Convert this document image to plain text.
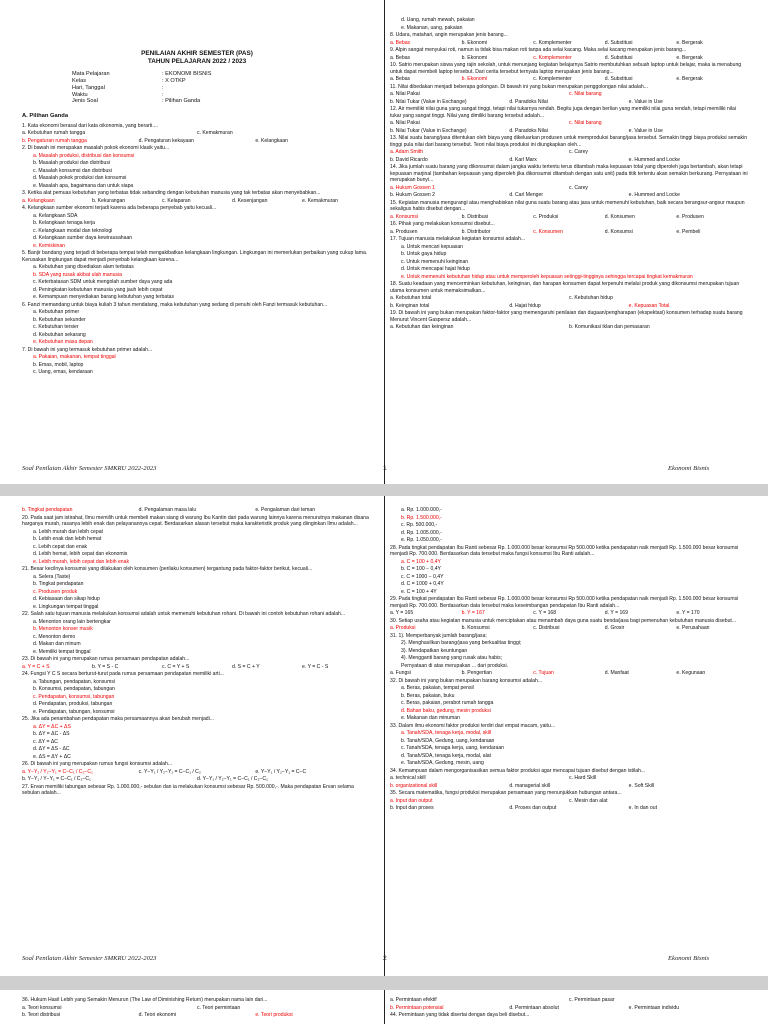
PENILAIAN AKHIR SEMESTER (PAS)
TAHUN PELAJARAN 2022 / 2023
Mata Pelajaran	: EKONOMI BISNIS
Kelas	: X OTKP
Hari, Tanggal	:
Waktu	:
Jenis Soal	: Pilihan Ganda
A. Pilihan Ganda
1. Kata ekonomi berasal dari kata oikonomia, yang berarti....
a. Kebutuhan rumah tangga	c. Kemakmuran
b. Pengaturan rumah tangga	d. Pengaturan kekayaan	e. Kelangkaan
2. Di bawah ini merupakan masalah pokok ekonomi klasik yaitu...
a. Masalah produksi, distribusi dan konsumsi
b. Masalah produksi dan distribusi
c. Masalah konsumsi dan distribusi
d. Masalah pokok produksi dan konsumsi
e. Masalah apa, bagaimana dan untuk siapa
3. Ketika alat pemuas kebutuhan yang terbatas tidak sebanding dengan kebutuhan manusia yang tak terbatas akan menyebabkan...
a. Kelangkaan	b. Kekurangan	c. Kelaparan	d. Kesenjangan	e. Kemakmuran
4. Kelangkaan sumber ekonomi terjadi karena ada beberapa penyebab yaitu kecuali...
a. Kelangkaan SDA
b. Kelangkaan tenaga kerja
c. Kelangkaan modal dan teknologi
d. Kelangkaan sumber daya kewirausahaan
e. Kemiskinan
5. Banjir bandang yang terjadi di beberapa tempat telah mengakibatkan kelangkaan lingkungan. Lingkungan ini memerlukan perbaikan yang cukup lama. Kerusakan lingkungan dapat menjadi penyebab kelangkaan karena...
a. Kebutuhan yang disediakan alam terbatas
b. SDA yang rusak akibat ulah manusia
c. Keterbatasan SDM untuk mengolah sumber daya yang ada
d. Peningkatan kebutuhan manusia yang jauh lebih cepat
e. Kemampuan menyediakan barang kebutuhan yang terbatas
6. Fanzi memandang untuk biaya kuliah 3 tahun mendatang, maka kebutuhan yang sedang di penuhi oleh Fanzi termasuk kebutuhan...
a. Kebutuhan primer
b. Kebutuhan sekunder
c. Kebutuhan tersier
d. Kebutuhan sekarang
e. Kebutuhan masa depan
7. Di bawah ini yang termasuk kebutuhan primer adalah...
a. Pakaian, makanan, tempat tinggal
b. Emas, mobil, laptop
c. Uang, emas, kendaraan
d. Uang, rumah mewah, pakaian
e. Makanan, uang, pakaian
8. Udara, matahari, angin merupakan jenis barang...
a. Bebas	b. Ekonomi	c. Komplementer	d. Substitusi	e. Bergerak
9. Alpin sangat menyukai roti, namun ia tidak bisa makan roti tanpa ada selai kacang. Maka selai kacang merupakan jenis barang...
a. Bebas	b. Ekonomi	c. Komplementer	d. Substitusi	e. Bergerak
10. Satrio merupakan siswa yang rajin sekolah, untuk menunjang kegiatan belajarnya Satrio membutuhkan sebuah laptop untuk belajar, maka ia menabung untuk dapat membeli laptop tersebut. Dari cerita tersebut ternyata laptop merupakan jenis barang...
a. Bebas	b. Ekonomi	c. Komplementer	d. Substitusi	e. Bergerak
11. Nilai dibedakan menjadi beberapa golongan. Di bawah ini yang bukan merupakan penggolongan nilai adalah...
a. Nilai Pakai	c. Nilai barang
b. Nilai Tukar (Value in Exchange)	d. Paradoks Nilai	e. Value in Use
12. Air memiliki nilai guna yang sangat tinggi, tetapi nilai tukarnya rendah. Begitu juga dengan berlian yang memiliki nilai guna rendah, tetapi memiliki nilai tukar yang sangat tinggi. Nilai yang dimiliki barang tersebut adalah...
a. Nilai Pakai	c. Nilai barang
b. Nilai Tukar (Value in Exchange)	d. Paradoks Nilai	e. Value in Use
13. Nilai suatu barang/jasa ditentukan oleh biaya yang dikeluarkan produsen untuk memproduksi barang/jasa tersebut. Semakin tinggi biaya produksi semakin tinggi pula nilai dari barang tersebut. Teori nilai biaya produksi ini diungkapkan oleh...
a. Adam Smith	c. Carey
b. David Ricardo	d. Karl Marx	e. Hummed and Locke
14. Jika jumlah suatu barang yang dikonsumsi dalam jangka waktu tertentu terus ditambah maka kepuasan total yang diperoleh juga bertambah, akan tetapi kepuasan marjinal (tambahan kepuasan yang diperoleh jika dikonsumsi ditambah dengan satu unit) pada titik tertentu akan semakin berkurang. Pernyataan ini merupakan bunyi...
a. Hukum Gossen 1	c. Carey
b. Hukum Gossen 2	d. Carl Menger	e. Hummed and Locke
15. Kegiatan manusia mengurangi atau menghabiskan nilai guna suatu barang atau jasa untuk memenuhi kebutuhan, baik secara berangsur-angsur maupun sekaligus habis disebut dengan...
a. Konsumsi	b. Distribusi	c. Produksi	d. Konsumen	e. Produsen
16. Pihak yang melakukan konsumsi disebut...
a. Produsen	b. Distributor	c. Konsumen	d. Konsumsi	e. Pembeli
17. Tujuan manusia melakukan kegiatan konsumsi adalah...
a. Untuk mencari kepuasan
b. Untuk gaya hidup
c. Untuk memenuhi keinginan
d. Untuk mencapai hajat hidup
e. Untuk memenuhi kebutuhan hidup atau untuk memperoleh kepuasan setinggi-tingginya sehingga tercapai tingkat kemakmuran
18. Suatu keadaan yang mencerminkan kebutuhan, keinginan, dan harapan konsumen dapat terpenuhi melalui produk yang dikonsumsi merupakan tujuan utama konsumen untuk memaksimalkan...
a. Kebutuhan total	c. Kebutuhan hidup
b. Keinginan total	d. Hajat hidup	e. Kepuasan Total
19. Di bawah ini yang bukan merupakan faktor-faktor yang memengaruhi penilaian dan dugaan/pengharapan (ekspektasi) konsumen terhadap suatu barang Menurut Vincent Gaspersz adalah...
a. Kebutuhan dan keinginan	b. Komunikasi iklan dan pemasaran
Soal Penilaian Akhir Semester SMKRU 2022-2023	1	Ekonomi Bisnis
b. Tingkat pendapatan	d. Pengalaman masa lalu	e. Pengalaman dari teman
20. Pada saat jam istirahat, Ilmu memilih untuk membeli makan siang di warung Ibu Kantin dari pada warung lainnya karena menurutnya makanan disana harganya murah, rasanya lebih enak dan pelayanannya cepat. Berdasarkan alasan tersebut maka karakteristik produk yang diinginkan Ilmu adalah...
a. Lebih murah dan lebih cepat
b. Lebih enak dan lebih hemat
c. Lebih cepat dan enak
d. Lebih hemat, lebih cepat dan ekonomis
e. Lebih murah, lebih cepat dan lebih enak
21. Besar kecilnya konsumsi yang dilakukan oleh konsumen (perilaku konsumen) tergantung pada faktor-faktor berikut, kecuali...
a. Selera (Taste)
b. Tingkat pendapatan
c. Produsen produk
d. Kebiasaan dan sikap hidup
e. Lingkungan tempat tinggal
22. Salah satu tujuan manusia melakukan konsumsi adalah untuk memenuhi kebutuhan rohani. Di bawah ini contoh kebutuhan rohani adalah...
a. Menonton orang lain bertengkar
b. Menonton konser musik
c. Menonton demo
d. Makan dan minum
e. Memiliki tempat tinggal
23. Di bawah ini yang merupakan rumus persamaan pendapatan adalah...
a. Y = C + S	b. Y = S - C	c. C = Y + S	d. S = C + Y	e. Y = C - S
24. Fungsi Y C S secara berturut-turut pada rumus persamaan pendapatan memiliki arti...
a. Tabungan, pendapatan, konsumsi
b. Konsumsi, pendapatan, tabungan
c. Pendapatan, konsumsi, tabungan
d. Pendapatan, produksi, tabungan
e. Pendapatan, tabungan, konsumsi
25. Jika ada penambahan pendapatan maka persamaannya akan berubah menjadi...
a. ΔY = ΔC + ΔS
b. ΔY = ΔC - ΔS
c. ΔY = ΔC
d. ΔY = ΔS - ΔC
e. ΔS = ΔY + ΔC
26. Di bawah ini yang merupakan rumus fungsi konsumsi adalah...
a. Y−Y₁ / Y₂−Y₁ = C−C₁ / C₂−C₁	c. Y−Y₁ / Y₂−Y₁ = C−C₁ / C₂	e. Y−Y₁ / Y₂−Y₁ = C−C
b. Y−Y₁ / Y−Y₁ = C−C₁ / C₂−C₁	d. Y−Y₁ / Y₂−Y₁ = C−C₁ / C₂−C₁
27. Ervan memiliki tabungan sebesar Rp. 1.000.000,- sebulan dan ia melakukan konsumsi sebesar Rp. 500.000,-. Maka pendapatan Ervan selama sebulan adalah...
a. Rp. 1.000.000,-
b. Rp. 1.500.000,-
c. Rp. 500.000,-
d. Rp. 1.005.000,-
e. Rp. 1.050.000,-
28. Pada tingkat pendapatan Ibu Ranti sebesar Rp. 1.000.000 besar konsumsi Rp 500.000 ketika pendapatan naik menjadi Rp. 1.500.000 besar konsumsi menjadi Rp. 700.000. Berdasarkan data tersebut maka fungsi konsumsi Ibu Ranti adalah...
a. C = 100 + 0,4Y
b. C = 100 − 0,4Y
c. C = 1000 − 0,4Y
d. C = 1000 + 0,4Y
e. C = 100 + 4Y
29. Pada tingkat pendapatan Ibu Ranti sebesar Rp. 1.000.000 besar konsumsi Rp 500.000 ketika pendapatan naik menjadi Rp. 1.500.000 besar konsumsi menjadi Rp. 700.000. Berdasarkan data tersebut maka keseimbangan pendapatan Ibu Ranti adalah...
a. Y = 165	b. Y = 167	c. Y = 168	d. Y = 169	e. Y = 170
30. Setiap usaha atau kegiatan manusia untuk menciptakan atau menambah daya guna suatu benda/jasa bagi pemenuhan kebutuhan manusia disebut...
a. Produksi	b. Konsumsi	c. Distribusi	d. Grosir	e. Perusahaan
31. 1). Memperbanyak jumlah barang/jasa;
2). Menghasilkan barang/jasa yang berkualitas tinggi;
3). Mendapatkan keuntungan
4). Mengganti barang yang rusak atau habis;
Pernyataan di atas merupakan ... dari produksi.
a. Fungsi	b. Pengertian	c. Tujuan	d. Manfaat	e. Kegunaan
32. Di bawah ini yang bukan merupakan barang konsumsi adalah...
a. Beras, pakaian, tempat pensil
b. Beras, pakaian, buku
c. Beras, pakaian, perabot rumah tangga
d. Bahan baku, gedung, mesin produksi
e. Makanan dan minuman
33. Dalam ilmu ekonomi faktor produksi terdiri dari empat macam, yaitu...
a. Tanah/SDA, tenaga kerja, modal, skill
b. Tanah/SDA, Gedung, uang, kendaraan
c. Tanah/SDA, tenaga kerja, uang, kendaraan
d. Tanah/SDA, tenaga kerja, modal, alat
e. Tanah/SDA, Gedung, mesin, uang
34. Kemampuan dalam mengorganisasikan semua faktor produksi agar mencapai tujuan disebut dengan istilah...
a. technical skill	c. Hard Skill
b. organizational skill	d. managerial skill	e. Soft Skill
35. Secara matematika, fungsi produksi merupakan persamaan yang menunjukkan hubungan antara...
a. Input dan output	c. Mesin dan alat
b. Input dan proses	d. Proses dan output	e. In dan out
Soal Penilaian Akhir Semester SMKRU 2022-2023	2	Ekonomi Bisnis
36. Hukum Hasil Lebih yang Semakin Menurun (The Law of Diminishing Return) merupakan nama lain dari...
a. Teori konsumsi	c. Teori permintaan
b. Teori distribusi	d. Teori ekonomi	e. Teori produksi
a. Permintaan efektif	c. Permintaan pasar
b. Permintaan potensial	d. Permintaan absolut	e. Permintaan individu
44. Permintaan yang tidak disertai dengan daya beli disebut...
